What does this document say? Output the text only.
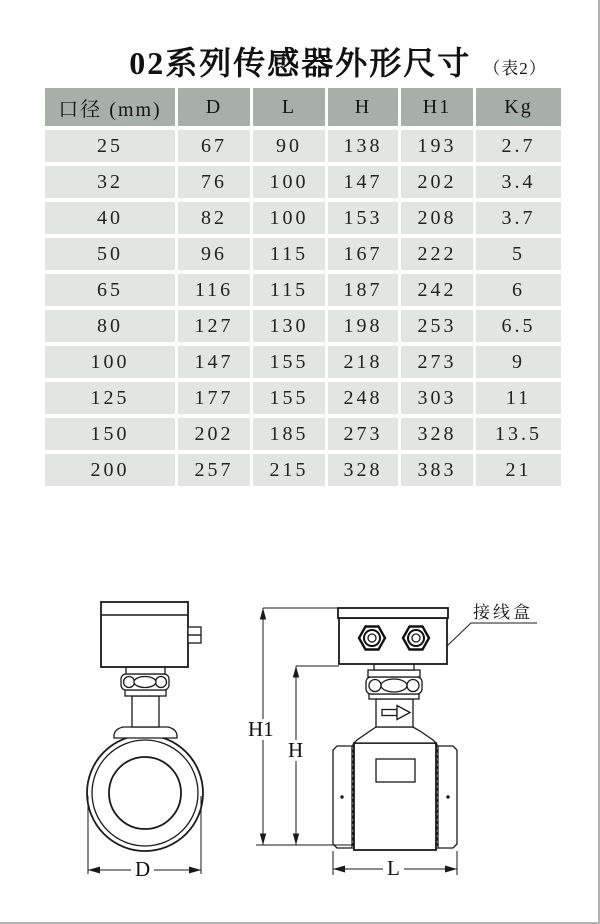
02系列传感器外形尺寸 （表2）
口径 (mm)	D	L	H	H1	Kg
25	67	90	138	193	2.7
32	76	100	147	202	3.4
40	82	100	153	208	3.7
50	96	115	167	222	5
65	116	115	187	242	6
80	127	130	198	253	6.5
100	147	155	218	273	9
125	177	155	248	303	11
150	202	185	273	328	13.5
200	257	215	328	383	21
D
H1
H
L
接线盒
